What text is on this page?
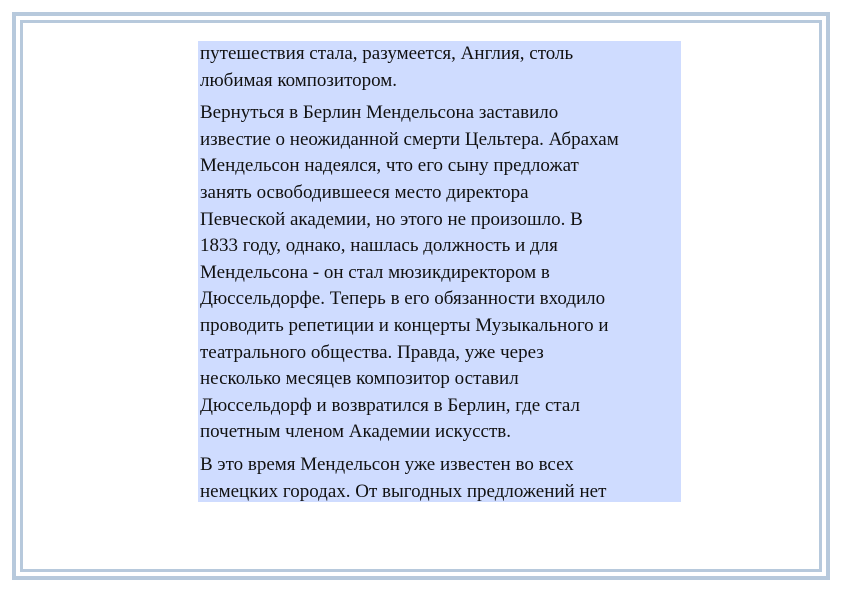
путешествия стала, разумеется, Англия, столь
любимая композитором.

Вернуться в Берлин Мендельсона заставило
известие о неожиданной смерти Цельтера. Абрахам
Мендельсон надеялся, что его сыну предложат
занять освободившееся место директора
Певческой академии, но этого не произошло. В
1833 году, однако, нашлась должность и для
Мендельсона - он стал мюзикдиректором в
Дюссельдорфе. Теперь в его обязанности входило
проводить репетиции и концерты Музыкального и
театрального общества. Правда, уже через
несколько месяцев композитор оставил
Дюссельдорф и возвратился в Берлин, где стал
почетным членом Академии искусств.

В это время Мендельсон уже известен во всех
немецких городах. От выгодных предложений нет
